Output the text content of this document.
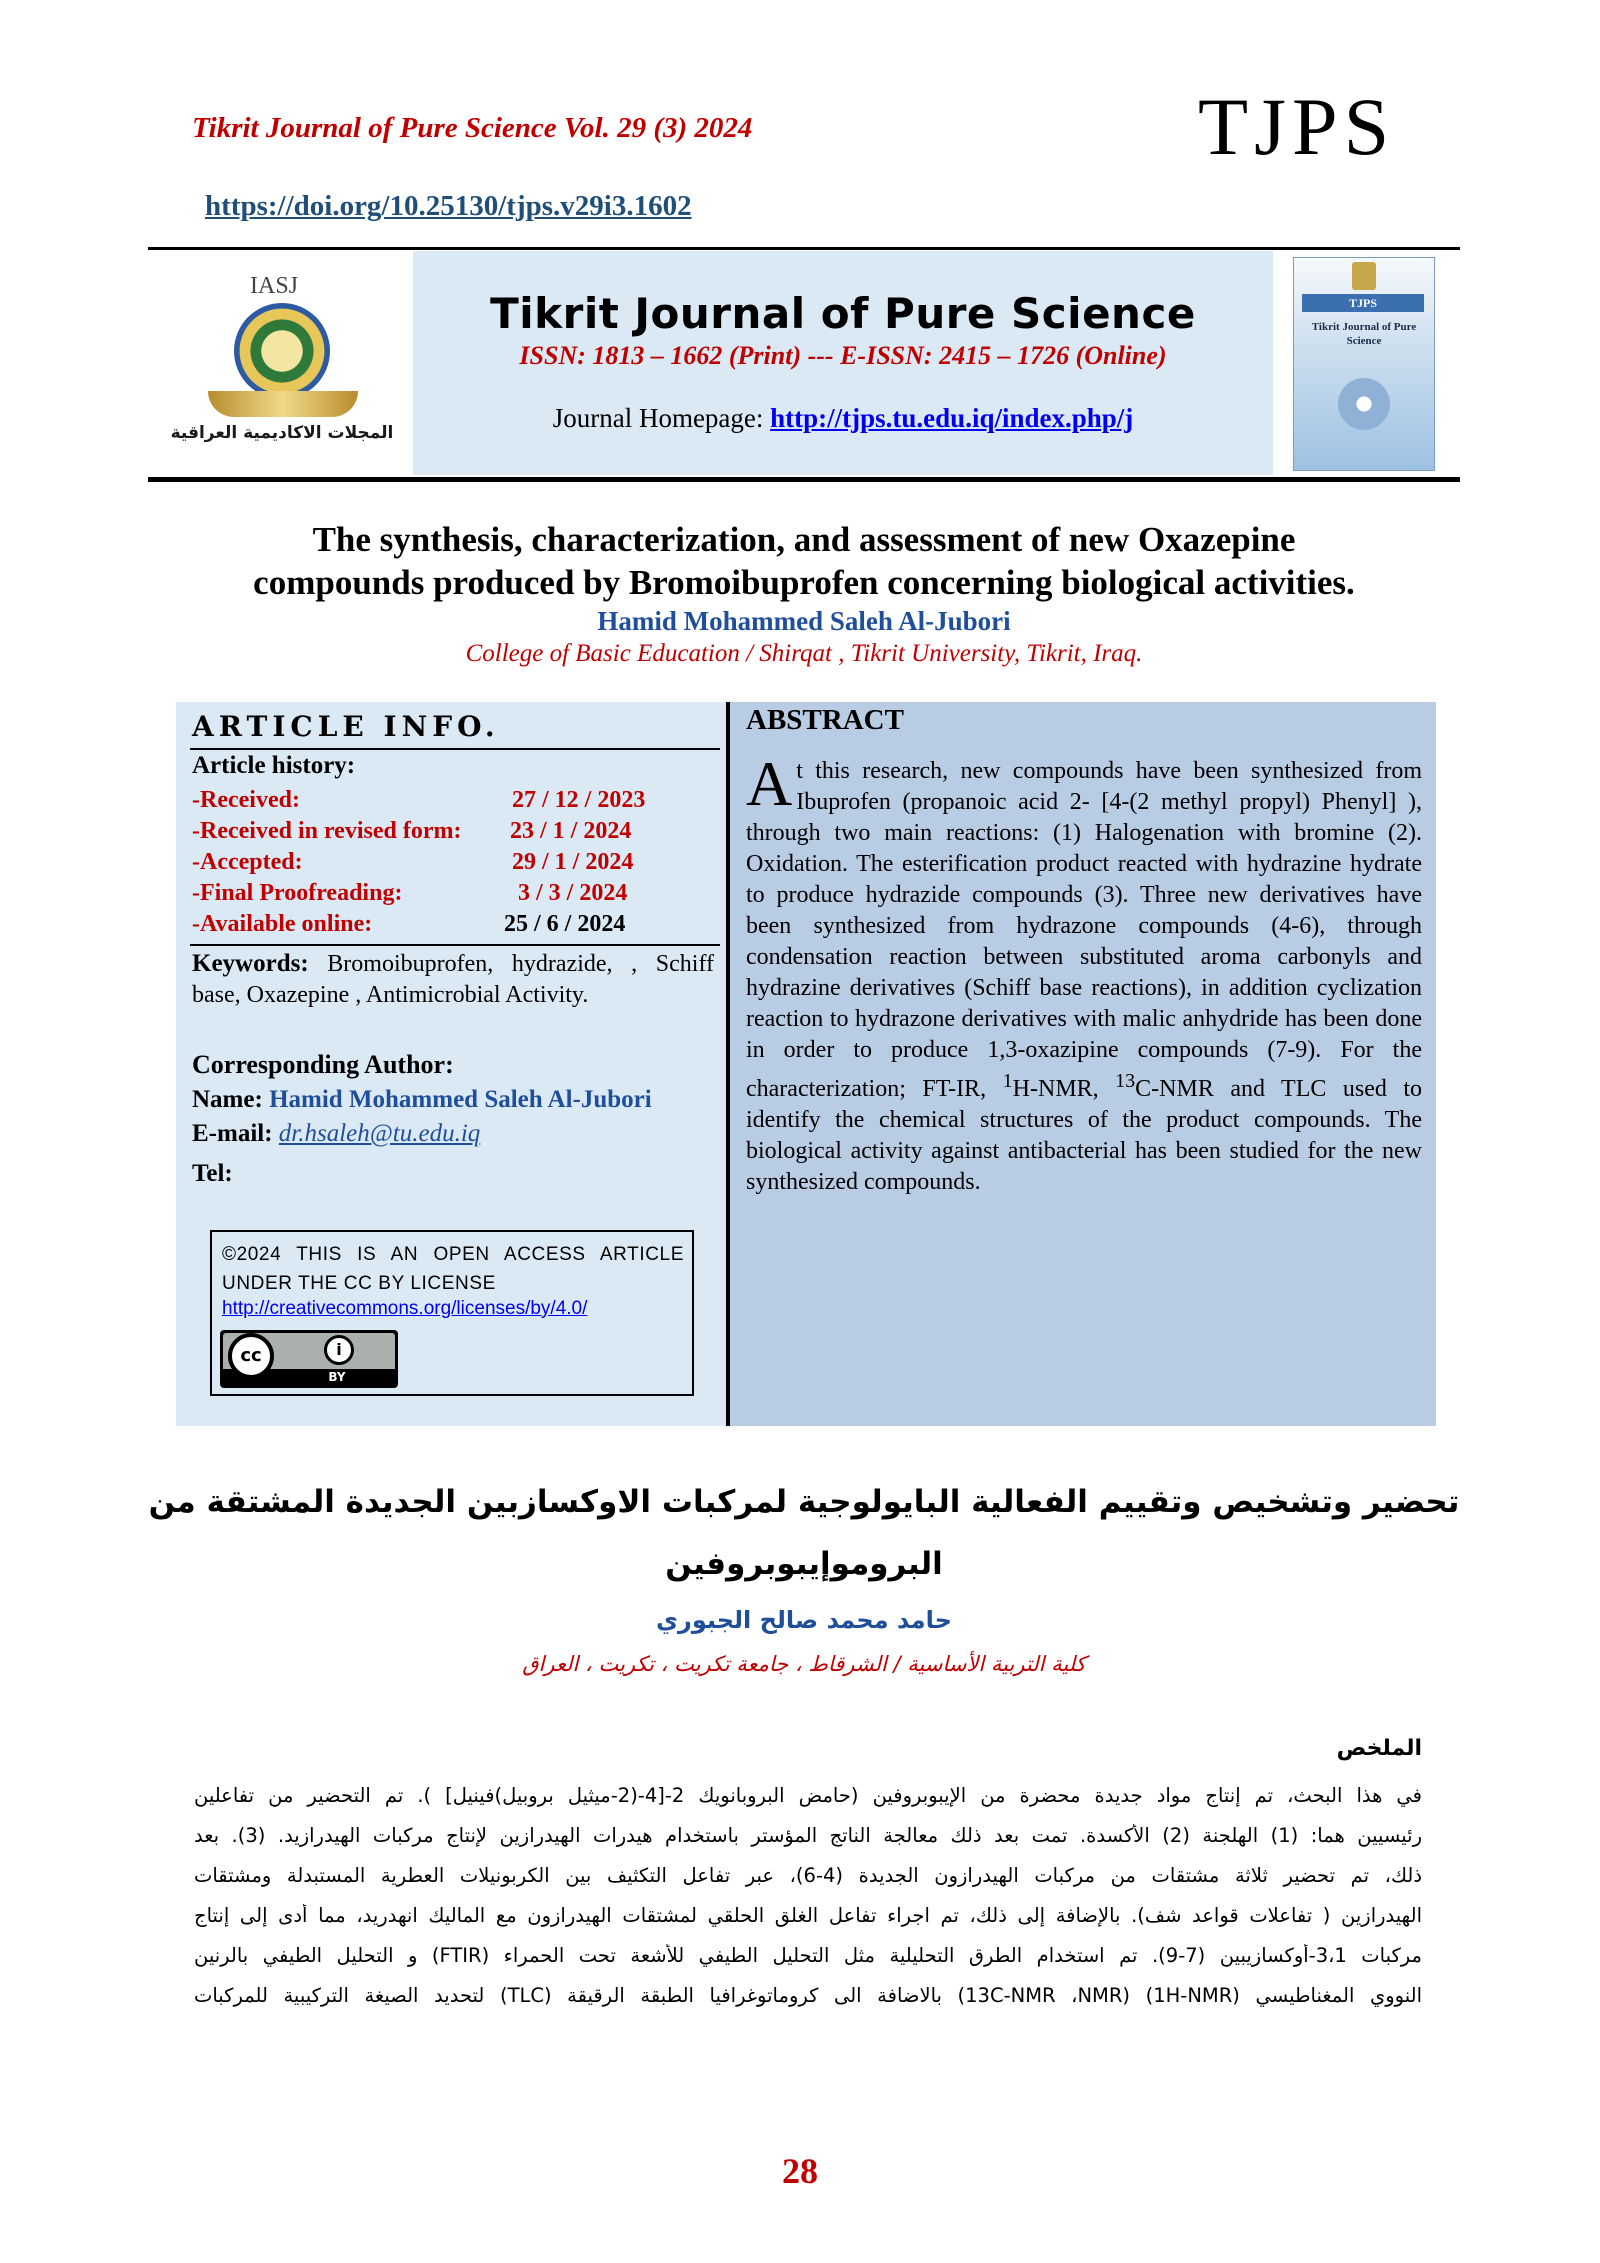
Tikrit Journal of Pure Science Vol. 29 (3) 2024	TJPS
https://doi.org/10.25130/tjps.v29i3.1602
IASJ
المجلات الاكاديمية العراقية
Tikrit Journal of Pure Science
ISSN: 1813 – 1662 (Print) --- E-ISSN: 2415 – 1726 (Online)
Journal Homepage: http://tjps.tu.edu.iq/index.php/j
TJPS
Tikrit Journal of Pure Science
The synthesis, characterization, and assessment of new Oxazepine
compounds produced by Bromoibuprofen concerning biological activities.
Hamid Mohammed Saleh Al-Jubori
College of Basic Education / Shirqat , Tikrit University, Tikrit, Iraq.
ARTICLE INFO.
Article history:
-Received:	27 / 12 / 2023
-Received in revised form: 23 / 1 / 2024
-Accepted:	29 / 1 / 2024
-Final Proofreading:	3 / 3 / 2024
-Available online:	25 / 6 / 2024
Keywords: Bromoibuprofen, hydrazide, , Schiff base, Oxazepine , Antimicrobial Activity.
Corresponding Author:
Name: Hamid Mohammed Saleh Al-Jubori
E-mail: dr.hsaleh@tu.edu.iq
Tel:
©2024 THIS IS AN OPEN ACCESS ARTICLE UNDER THE CC BY LICENSE
http://creativecommons.org/licenses/by/4.0/
cc	i
BY
ABSTRACT
At this research, new compounds have been synthesized from Ibuprofen (propanoic acid 2- [4-(2 methyl propyl) Phenyl] ), through two main reactions: (1) Halogenation with bromine (2). Oxidation. The esterification product reacted with hydrazine hydrate to produce hydrazide compounds (3). Three new derivatives have been synthesized from hydrazone compounds (4-6), through condensation reaction between substituted aroma carbonyls and hydrazine derivatives (Schiff base reactions), in addition cyclization reaction to hydrazone derivatives with malic anhydride has been done in order to produce 1,3-oxazipine compounds (7-9). For the characterization; FT-IR, $^1$H-NMR, $^{13}$C-NMR and TLC used to identify the chemical structures of the product compounds. The biological activity against antibacterial has been studied for the new synthesized compounds.
تحضير وتشخيص وتقييم الفعالية البايولوجية لمركبات الاوكسازبين الجديدة المشتقة من
البروموإيبوبروفين
حامد محمد صالح الجبوري
كلية التربية الأساسية / الشرقاط ، جامعة تكريت ، تكريت ، العراق
الملخص
في هذا البحث، تم إنتاج مواد جديدة محضرة من الإيبوبروفين (حامض البروبانويك 2-[4-(2-ميثيل بروبيل)فينيل] ). تم التحضير من تفاعلين
رئيسيين هما: (1) الهلجنة (2) الأكسدة. تمت بعد ذلك معالجة الناتج المؤستر باستخدام هيدرات الهيدرازين لإنتاج مركبات الهيدرازيد. (3). بعد
ذلك، تم تحضير ثلاثة مشتقات من مركبات الهيدرازون الجديدة (4-6)، عبر تفاعل التكثيف بين الكربونيلات العطرية المستبدلة ومشتقات
الهيدرازين ( تفاعلات قواعد شف). بالإضافة إلى ذلك، تم اجراء تفاعل الغلق الحلقي لمشتقات الهيدرازون مع الماليك انهدريد، مما أدى إلى إنتاج
مركبات 3،1-أوكسازيبين (7-9). تم استخدام الطرق التحليلية مثل التحليل الطيفي للأشعة تحت الحمراء (FTIR) و التحليل الطيفي بالرنين
النووي المغناطيسي (1H-NMR) (13C-NMR ،NMR) بالاضافة الى كروماتوغرافيا الطبقة الرقيقة (TLC) لتحديد الصيغة التركيبية للمركبات
28
